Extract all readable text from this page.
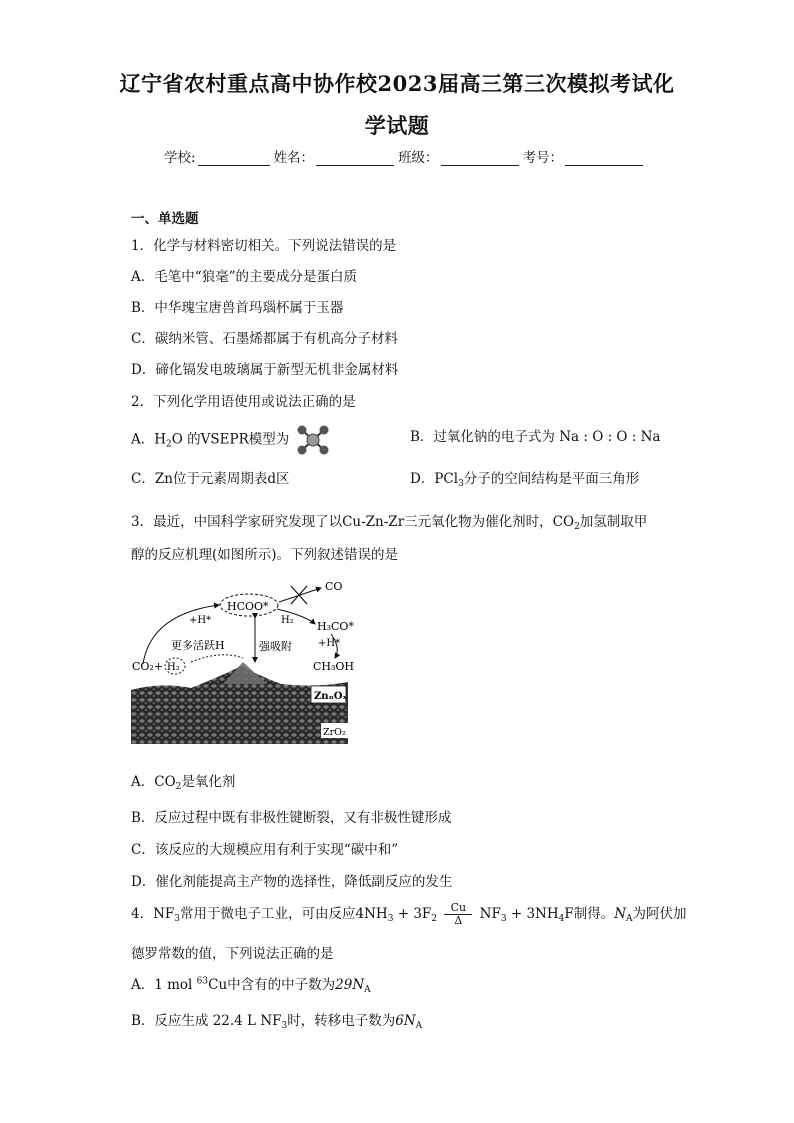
辽宁省农村重点高中协作校2023届高三第三次模拟考试化
学试题
学校:	姓名：	班级：	考号：
一、单选题
1．化学与材料密切相关。下列说法错误的是
A．毛笔中“狼毫”的主要成分是蛋白质
B．中华瑰宝唐兽首玛瑙杯属于玉器
C．碳纳米管、石墨烯都属于有机高分子材料
D．碲化镉发电玻璃属于新型无机非金属材料
2．下列化学用语使用或说法正确的是
A．$H_2O$ 的VSEPR模型为	B．过氧化钠的电子式为 Na : O : O : Na
C．Zn位于元素周期表d区	D．PCl$_3$分子的空间结构是平面三角形
3．最近，中国科学家研究发现了以Cu-Zn-Zr三元氧化物为催化剂时，$CO_2$加氢制取甲
醇的反应机理(如图所示)。下列叙述错误的是
ZnₙOₓ
ZrO₂
HCOO*
CO
+H*	H₂ H₃CO*
+H*
CH₃OH
强吸附
更多活跃H
CO₂+ H₂
A．$CO_2$是氧化剂
B．反应过程中既有非极性键断裂，又有非极性键形成
C．该反应的大规模应用有利于实现“碳中和”
D．催化剂能提高主产物的选择性，降低副反应的发生
4．$NF_3$常用于微电子工业，可由反应$4NH_3 + 3F_2 \frac{Cu}{\Delta} NF_3 + 3NH_4F$制得。$N_A$为阿伏加
德罗常数的值，下列说法正确的是
A．1 mol $^{63}$Cu中含有的中子数为$29N_A$
B．反应生成 22.4 L $NF_3$时，转移电子数为$6N_A$
